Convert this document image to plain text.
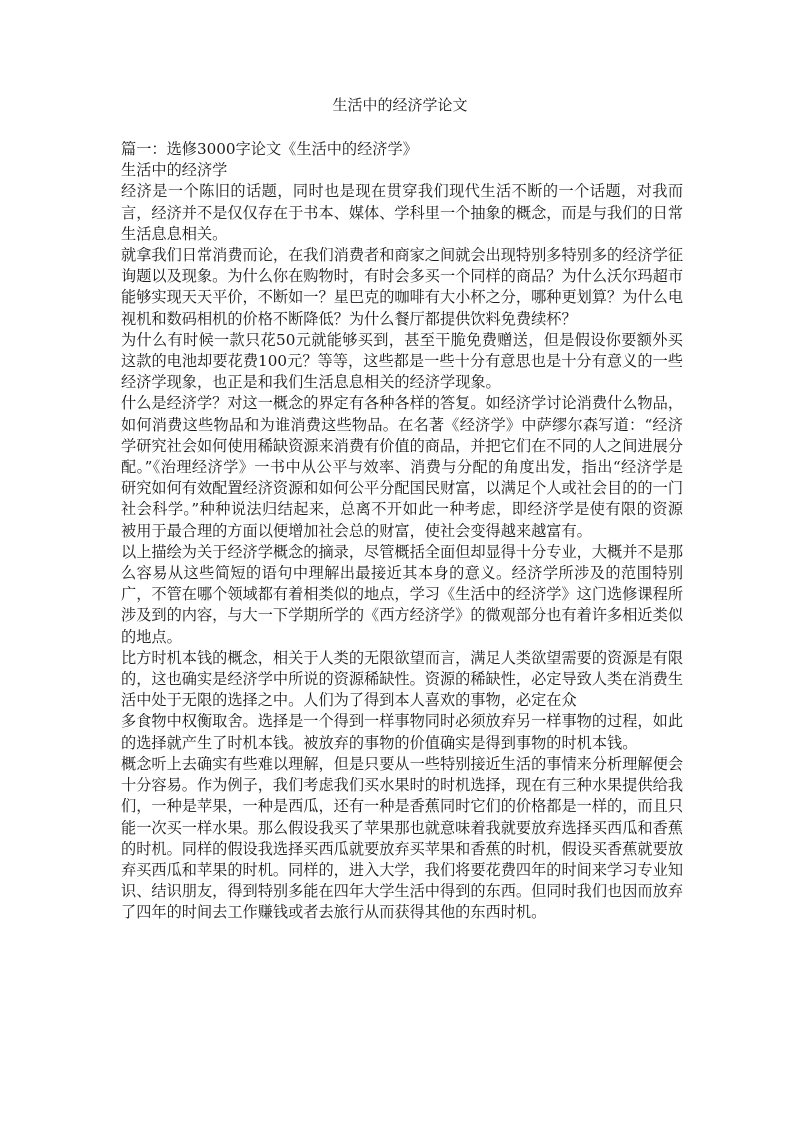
生活中的经济学论文

篇一：选修3000字论文《生活中的经济学》

生活中的经济学

经济是一个陈旧的话题，同时也是现在贯穿我们现代生活不断的一个话题，对我而言，经济并不是仅仅存在于书本、媒体、学科里一个抽象的概念，而是与我们的日常生活息息相关。

就拿我们日常消费而论，在我们消费者和商家之间就会出现特别多特别多的经济学征询题以及现象。为什么你在购物时，有时会多买一个同样的商品？为什么沃尔玛超市能够实现天天平价，不断如一？星巴克的咖啡有大小杯之分，哪种更划算？为什么电视机和数码相机的价格不断降低？为什么餐厅都提供饮料免费续杯？

为什么有时候一款只花50元就能够买到，甚至干脆免费赠送，但是假设你要额外买这款的电池却要花费100元？等等，这些都是一些十分有意思也是十分有意义的一些经济学现象，也正是和我们生活息息相关的经济学现象。

什么是经济学？对这一概念的界定有各种各样的答复。如经济学讨论消费什么物品，如何消费这些物品和为谁消费这些物品。在名著《经济学》中萨缪尔森写道：“经济学研究社会如何使用稀缺资源来消费有价值的商品，并把它们在不同的人之间进展分配。”《治理经济学》一书中从公平与效率、消费与分配的角度出发，指出“经济学是研究如何有效配置经济资源和如何公平分配国民财富，以满足个人或社会目的的一门社会科学。”种种说法归结起来，总离不开如此一种考虑，即经济学是使有限的资源被用于最合理的方面以便增加社会总的财富，使社会变得越来越富有。

以上描绘为关于经济学概念的摘录，尽管概括全面但却显得十分专业，大概并不是那么容易从这些简短的语句中理解出最接近其本身的意义。经济学所涉及的范围特别广，不管在哪个领域都有着相类似的地点，学习《生活中的经济学》这门选修课程所涉及到的内容，与大一下学期所学的《西方经济学》的微观部分也有着许多相近类似的地点。

比方时机本钱的概念，相关于人类的无限欲望而言，满足人类欲望需要的资源是有限的，这也确实是经济学中所说的资源稀缺性。资源的稀缺性，必定导致人类在消费生活中处于无限的选择之中。人们为了得到本人喜欢的事物，必定在众

多食物中权衡取舍。选择是一个得到一样事物同时必须放弃另一样事物的过程，如此的选择就产生了时机本钱。被放弃的事物的价值确实是得到事物的时机本钱。

概念听上去确实有些难以理解，但是只要从一些特别接近生活的事情来分析理解便会十分容易。作为例子，我们考虑我们买水果时的时机选择，现在有三种水果提供给我们，一种是苹果，一种是西瓜，还有一种是香蕉同时它们的价格都是一样的，而且只能一次买一样水果。那么假设我买了苹果那也就意味着我就要放弃选择买西瓜和香蕉的时机。同样的假设我选择买西瓜就要放弃买苹果和香蕉的时机，假设买香蕉就要放弃买西瓜和苹果的时机。同样的，进入大学，我们将要花费四年的时间来学习专业知识、结识朋友，得到特别多能在四年大学生活中得到的东西。但同时我们也因而放弃了四年的时间去工作赚钱或者去旅行从而获得其他的东西时机。
